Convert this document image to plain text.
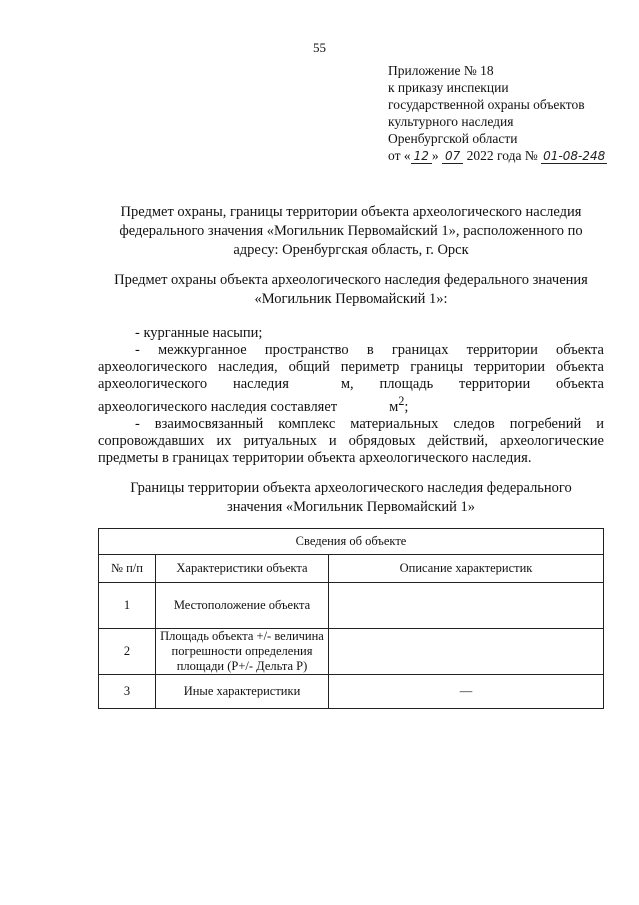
55
Приложение № 18
к приказу инспекции
государственной охраны объектов
культурного наследия
Оренбургской области
от « 12 » 07 2022 года № 01-08-248
Предмет охраны, границы территории объекта археологического наследия федерального значения «Могильник Первомайский 1», расположенного по адресу: Оренбургская область, г. Орск
Предмет охраны объекта археологического наследия федерального значения «Могильник Первомайский 1»:
- курганные насыпи;
- межкурганное пространство в границах территории объекта археологического наследия, общий периметр границы территории объекта археологического наследия	м, площадь территории объекта археологического наследия составляет	$м^2$;
- взаимосвязанный комплекс материальных следов погребений и сопровождавших их ритуальных и обрядовых действий, археологические предметы в границах территории объекта археологического наследия.
Границы территории объекта археологического наследия федерального значения «Могильник Первомайский 1»
Сведения об объекте		
№ п/п	Характеристики объекта	Описание характеристик
1	Местоположение объекта	
2	Площадь объекта +/- величина погрешности определения площади (P+/- Дельта P)	
3	Иные характеристики	—
